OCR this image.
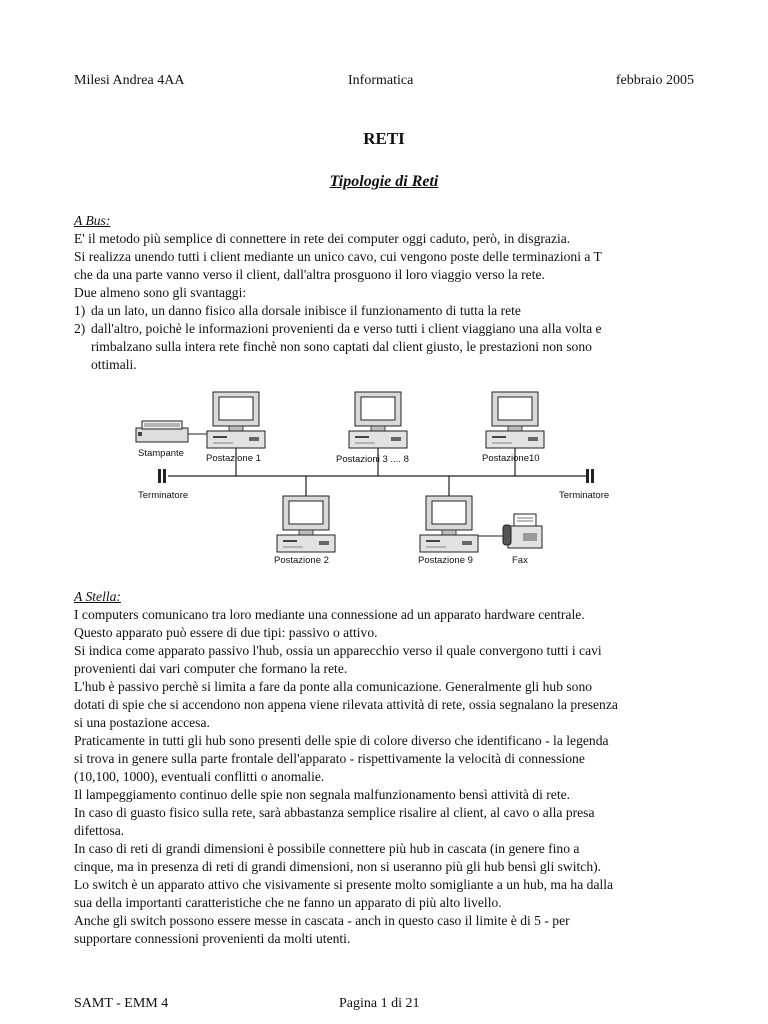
Milesi Andrea 4AA	Informatica	febbraio 2005
RETI
Tipologie di Reti
A Bus:
E' il metodo più semplice di connettere in rete dei computer oggi caduto, però, in disgrazia.
Si realizza unendo tutti i client mediante un unico cavo, cui vengono poste delle terminazioni a T
che da una parte vanno verso il client, dall'altra prosguono il loro viaggio verso la rete.
Due almeno sono gli svantaggi:
1) da un lato, un danno fisico alla dorsale inibisce il funzionamento di tutta la rete
2) dall'altro, poichè le informazioni provenienti da e verso tutti i client viaggiano una alla volta e
rimbalzano sulla intera rete finchè non sono captati dal client giusto, le prestazioni non sono
ottimali.
Stampante Postazione 1	Postazioni 3 .... 8	Postazione10
Terminatore	Terminatore
Postazione 2	Postazione 9	Fax
A Stella:
I computers comunicano tra loro mediante una connessione ad un apparato hardware centrale.
Questo apparato può essere di due tipi: passivo o attivo.
Si indica come apparato passivo l'hub, ossia un apparecchio verso il quale convergono tutti i cavi
provenienti dai vari computer che formano la rete.
L'hub è passivo perchè si limita a fare da ponte alla comunicazione. Generalmente gli hub sono
dotati di spie che si accendono non appena viene rilevata attività di rete, ossia segnalano la presenza
si una postazione accesa.
Praticamente in tutti gli hub sono presenti delle spie di colore diverso che identificano - la legenda
si trova in genere sulla parte frontale dell'apparato - rispettivamente la velocità di connessione
(10,100, 1000), eventuali conflitti o anomalie.
Il lampeggiamento continuo delle spie non segnala malfunzionamento bensì attività di rete.
In caso di guasto fisico sulla rete, sarà abbastanza semplice risalire al client, al cavo o alla presa
difettosa.
In caso di reti di grandi dimensioni è possibile connettere più hub in cascata (in genere fino a
cinque, ma in presenza di reti di grandi dimensioni, non si useranno più gli hub bensì gli switch).
Lo switch è un apparato attivo che visivamente si presente molto somigliante a un hub, ma ha dalla
sua della importanti caratteristiche che ne fanno un apparato di più alto livello.
Anche gli switch possono essere messe in cascata - anch in questo caso il limite è di 5 - per
supportare connessioni provenienti da molti utenti.
SAMT - EMM 4	Pagina 1 di 21
